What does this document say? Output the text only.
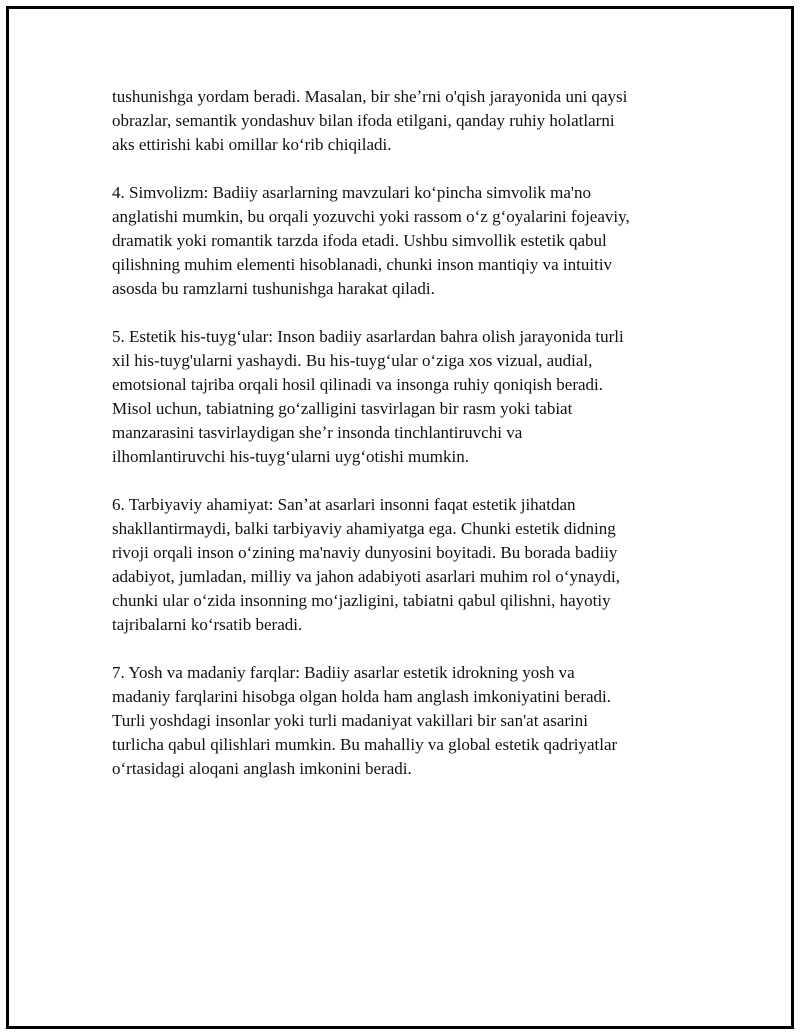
tushunishga yordam beradi. Masalan, bir sheʼrni o'qish jarayonida uni qaysi
obrazlar, semantik yondashuv bilan ifoda etilgani, qanday ruhiy holatlarni
aks ettirishi kabi omillar koʻrib chiqiladi.
4. Simvolizm: Badiiy asarlarning mavzulari koʻpincha simvolik ma'no
anglatishi mumkin, bu orqali yozuvchi yoki rassom oʻz gʻoyalarini fojeaviy,
dramatik yoki romantik tarzda ifoda etadi. Ushbu simvollik estetik qabul
qilishning muhim elementi hisoblanadi, chunki inson mantiqiy va intuitiv
asosda bu ramzlarni tushunishga harakat qiladi.
5. Estetik his-tuygʻular: Inson badiiy asarlardan bahra olish jarayonida turli
xil his-tuyg'ularni yashaydi. Bu his-tuygʻular oʻziga xos vizual, audial,
emotsional tajriba orqali hosil qilinadi va insonga ruhiy qoniqish beradi.
Misol uchun, tabiatning goʻzalligini tasvirlagan bir rasm yoki tabiat
manzarasini tasvirlaydigan sheʼr insonda tinchlantiruvchi va
ilhomlantiruvchi his-tuygʻularni uygʻotishi mumkin.
6. Tarbiyaviy ahamiyat: Sanʼat asarlari insonni faqat estetik jihatdan
shakllantirmaydi, balki tarbiyaviy ahamiyatga ega. Chunki estetik didning
rivoji orqali inson oʻzining ma'naviy dunyosini boyitadi. Bu borada badiiy
adabiyot, jumladan, milliy va jahon adabiyoti asarlari muhim rol oʻynaydi,
chunki ular oʻzida insonning moʻjazligini, tabiatni qabul qilishni, hayotiy
tajribalarni koʻrsatib beradi.
7. Yosh va madaniy farqlar: Badiiy asarlar estetik idrokning yosh va
madaniy farqlarini hisobga olgan holda ham anglash imkoniyatini beradi.
Turli yoshdagi insonlar yoki turli madaniyat vakillari bir san'at asarini
turlicha qabul qilishlari mumkin. Bu mahalliy va global estetik qadriyatlar
oʻrtasidagi aloqani anglash imkonini beradi.
